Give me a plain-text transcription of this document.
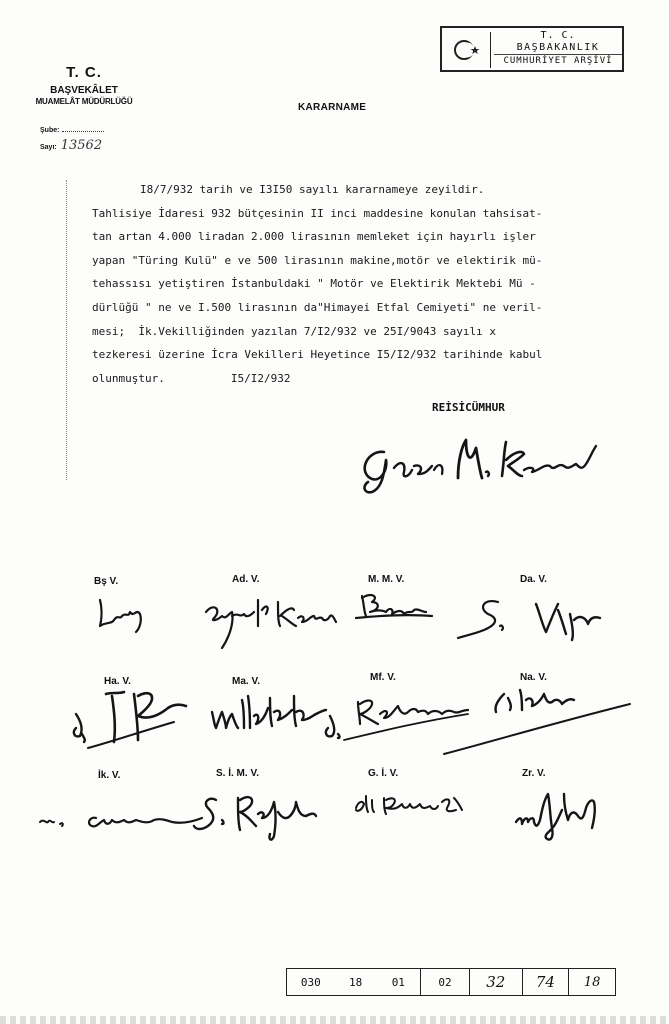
T. C.
BAŞBAKANLIK
CUMHURİYET ARŞİVİ
T. C.
BAŞVEKÂLET
MUAMELÂT MÜDÜRLÜĞÜ
Şube:
Sayı: 13562
KARARNAME
I8/7/932 tarih ve I3I50 sayılı kararnameye zeyildir.
Tahlisiye İdaresi 932 bütçesinin II inci maddesine konulan tahsisat-
tan artan 4.000 liradan 2.000 lirasının memleket için hayırlı işler
yapan "Türing Kulü" e ve 500 lirasının makine,motör ve elektirik mü-
tehassısı yetiştiren İstanbuldaki " Motör ve Elektirik Mektebi Mü -
dürlüğü " ne ve I.500 lirasının da"Himayei Etfal Cemiyeti" ne veril-
mesi;  İk.Vekilliğinden yazılan 7/I2/932 ve 25I/9043 sayılı x
tezkeresi üzerine İcra Vekilleri Heyetince I5/I2/932 tarihinde kabul
olunmuştur.	I5/I2/932
REİSİCÜMHUR
Bş V.	Ad. V.	M. M. V.	Da. V.
Ha. V.	Ma. V.	Mf. V.	Na. V.
İk. V.	S. İ. M. V.	G. İ. V.	Zr. V.
030	18	01	02	32	74	18
